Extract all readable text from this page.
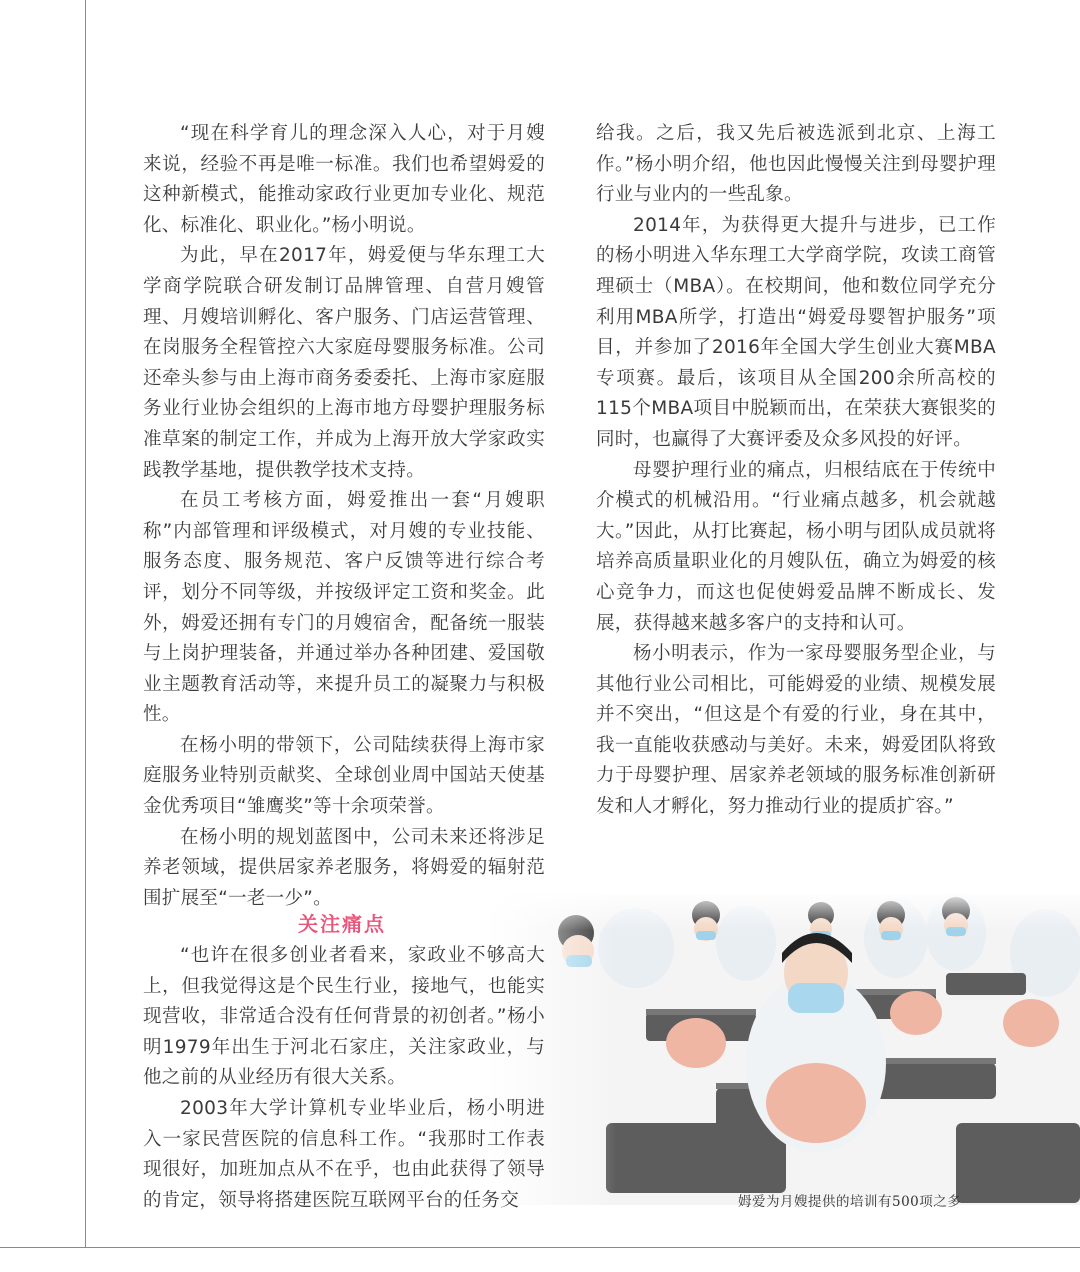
“现在科学育儿的理念深入人心，对于月嫂来说，经验不再是唯一标准。我们也希望姆爱的这种新模式，能推动家政行业更加专业化、规范化、标准化、职业化。”杨小明说。

为此，早在2017年，姆爱便与华东理工大学商学院联合研发制订品牌管理、自营月嫂管理、月嫂培训孵化、客户服务、门店运营管理、在岗服务全程管控六大家庭母婴服务标准。公司还牵头参与由上海市商务委委托、上海市家庭服务业行业协会组织的上海市地方母婴护理服务标准草案的制定工作，并成为上海开放大学家政实践教学基地，提供教学技术支持。

在员工考核方面，姆爱推出一套“月嫂职称”内部管理和评级模式，对月嫂的专业技能、服务态度、服务规范、客户反馈等进行综合考评，划分不同等级，并按级评定工资和奖金。此外，姆爱还拥有专门的月嫂宿舍，配备统一服装与上岗护理装备，并通过举办各种团建、爱国敬业主题教育活动等，来提升员工的凝聚力与积极性。

在杨小明的带领下，公司陆续获得上海市家庭服务业特别贡献奖、全球创业周中国站天使基金优秀项目“雏鹰奖”等十余项荣誉。

在杨小明的规划蓝图中，公司未来还将涉足养老领域，提供居家养老服务，将姆爱的辐射范围扩展至“一老一少”。

关注痛点

“也许在很多创业者看来，家政业不够高大上，但我觉得这是个民生行业，接地气，也能实现营收，非常适合没有任何背景的初创者。”杨小明1979年出生于河北石家庄，关注家政业，与他之前的从业经历有很大关系。

2003年大学计算机专业毕业后，杨小明进入一家民营医院的信息科工作。“我那时工作表现很好，加班加点从不在乎，也由此获得了领导的肯定，领导将搭建医院互联网平台的任务交

给我。之后，我又先后被选派到北京、上海工作。”杨小明介绍，他也因此慢慢关注到母婴护理行业与业内的一些乱象。

2014年，为获得更大提升与进步，已工作的杨小明进入华东理工大学商学院，攻读工商管理硕士（MBA）。在校期间，他和数位同学充分利用MBA所学，打造出“姆爱母婴智护服务”项目，并参加了2016年全国大学生创业大赛MBA专项赛。最后，该项目从全国200余所高校的115个MBA项目中脱颖而出，在荣获大赛银奖的同时，也赢得了大赛评委及众多风投的好评。

母婴护理行业的痛点，归根结底在于传统中介模式的机械沿用。“行业痛点越多，机会就越大。”因此，从打比赛起，杨小明与团队成员就将培养高质量职业化的月嫂队伍，确立为姆爱的核心竞争力，而这也促使姆爱品牌不断成长、发展，获得越来越多客户的支持和认可。

杨小明表示，作为一家母婴服务型企业，与其他行业公司相比，可能姆爱的业绩、规模发展并不突出，“但这是个有爱的行业，身在其中，我一直能收获感动与美好。未来，姆爱团队将致力于母婴护理、居家养老领域的服务标准创新研发和人才孵化，努力推动行业的提质扩容。”

姆爱为月嫂提供的培训有500项之多
